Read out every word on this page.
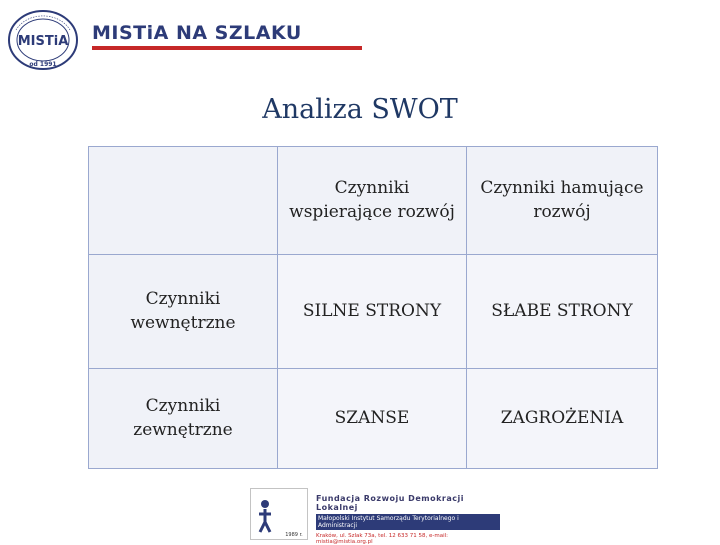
MISTiA
od 1991
MISTiA NA SZLAKU
Analiza SWOT
	Czynniki wspierające rozwój	Czynniki hamujące rozwój
Czynniki wewnętrzne	SILNE STRONY	SŁABE STRONY
Czynniki zewnętrzne	SZANSE	ZAGROŻENIA
1989 r.
Fundacja Rozwoju Demokracji Lokalnej
Małopolski Instytut Samorządu Terytorialnego i Administracji
Kraków, ul. Szlak 73a, tel. 12 633 71 58, e-mail: mistia@mistia.org.pl
